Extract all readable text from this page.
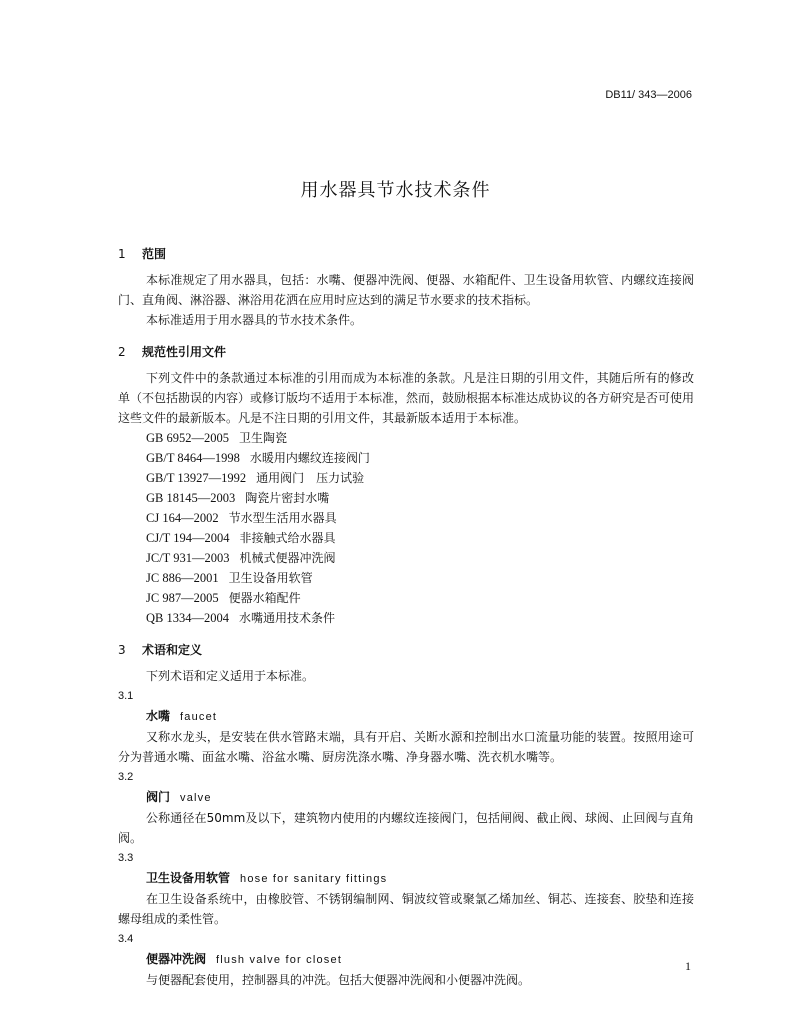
DB11/ 343—2006
用水器具节水技术条件
1 范围
本标准规定了用水器具，包括：水嘴、便器冲洗阀、便器、水箱配件、卫生设备用软管、内螺纹连接阀门、直角阀、淋浴器、淋浴用花洒在应用时应达到的满足节水要求的技术指标。
本标准适用于用水器具的节水技术条件。
2 规范性引用文件
下列文件中的条款通过本标准的引用而成为本标准的条款。凡是注日期的引用文件，其随后所有的修改单（不包括勘误的内容）或修订版均不适用于本标准，然而，鼓励根据本标准达成协议的各方研究是否可使用这些文件的最新版本。凡是不注日期的引用文件，其最新版本适用于本标准。
GB 6952—2005 卫生陶瓷
GB/T 8464—1998 水暖用内螺纹连接阀门
GB/T 13927—1992 通用阀门　压力试验
GB 18145—2003 陶瓷片密封水嘴
CJ 164—2002 节水型生活用水器具
CJ/T 194—2004 非接触式给水器具
JC/T 931—2003 机械式便器冲洗阀
JC 886—2001 卫生设备用软管
JC 987—2005 便器水箱配件
QB 1334—2004 水嘴通用技术条件
3 术语和定义
下列术语和定义适用于本标准。
3.1
水嘴 faucet
又称水龙头，是安装在供水管路末端，具有开启、关断水源和控制出水口流量功能的装置。按照用途可分为普通水嘴、面盆水嘴、浴盆水嘴、厨房洗涤水嘴、净身器水嘴、洗衣机水嘴等。
3.2
阀门 valve
公称通径在50mm及以下，建筑物内使用的内螺纹连接阀门，包括闸阀、截止阀、球阀、止回阀与直角阀。
3.3
卫生设备用软管 hose for sanitary fittings
在卫生设备系统中，由橡胶管、不锈钢编制网、铜波纹管或聚氯乙烯加丝、铜芯、连接套、胶垫和连接螺母组成的柔性管。
3.4
便器冲洗阀 flush valve for closet
与便器配套使用，控制器具的冲洗。包括大便器冲洗阀和小便器冲洗阀。
1
